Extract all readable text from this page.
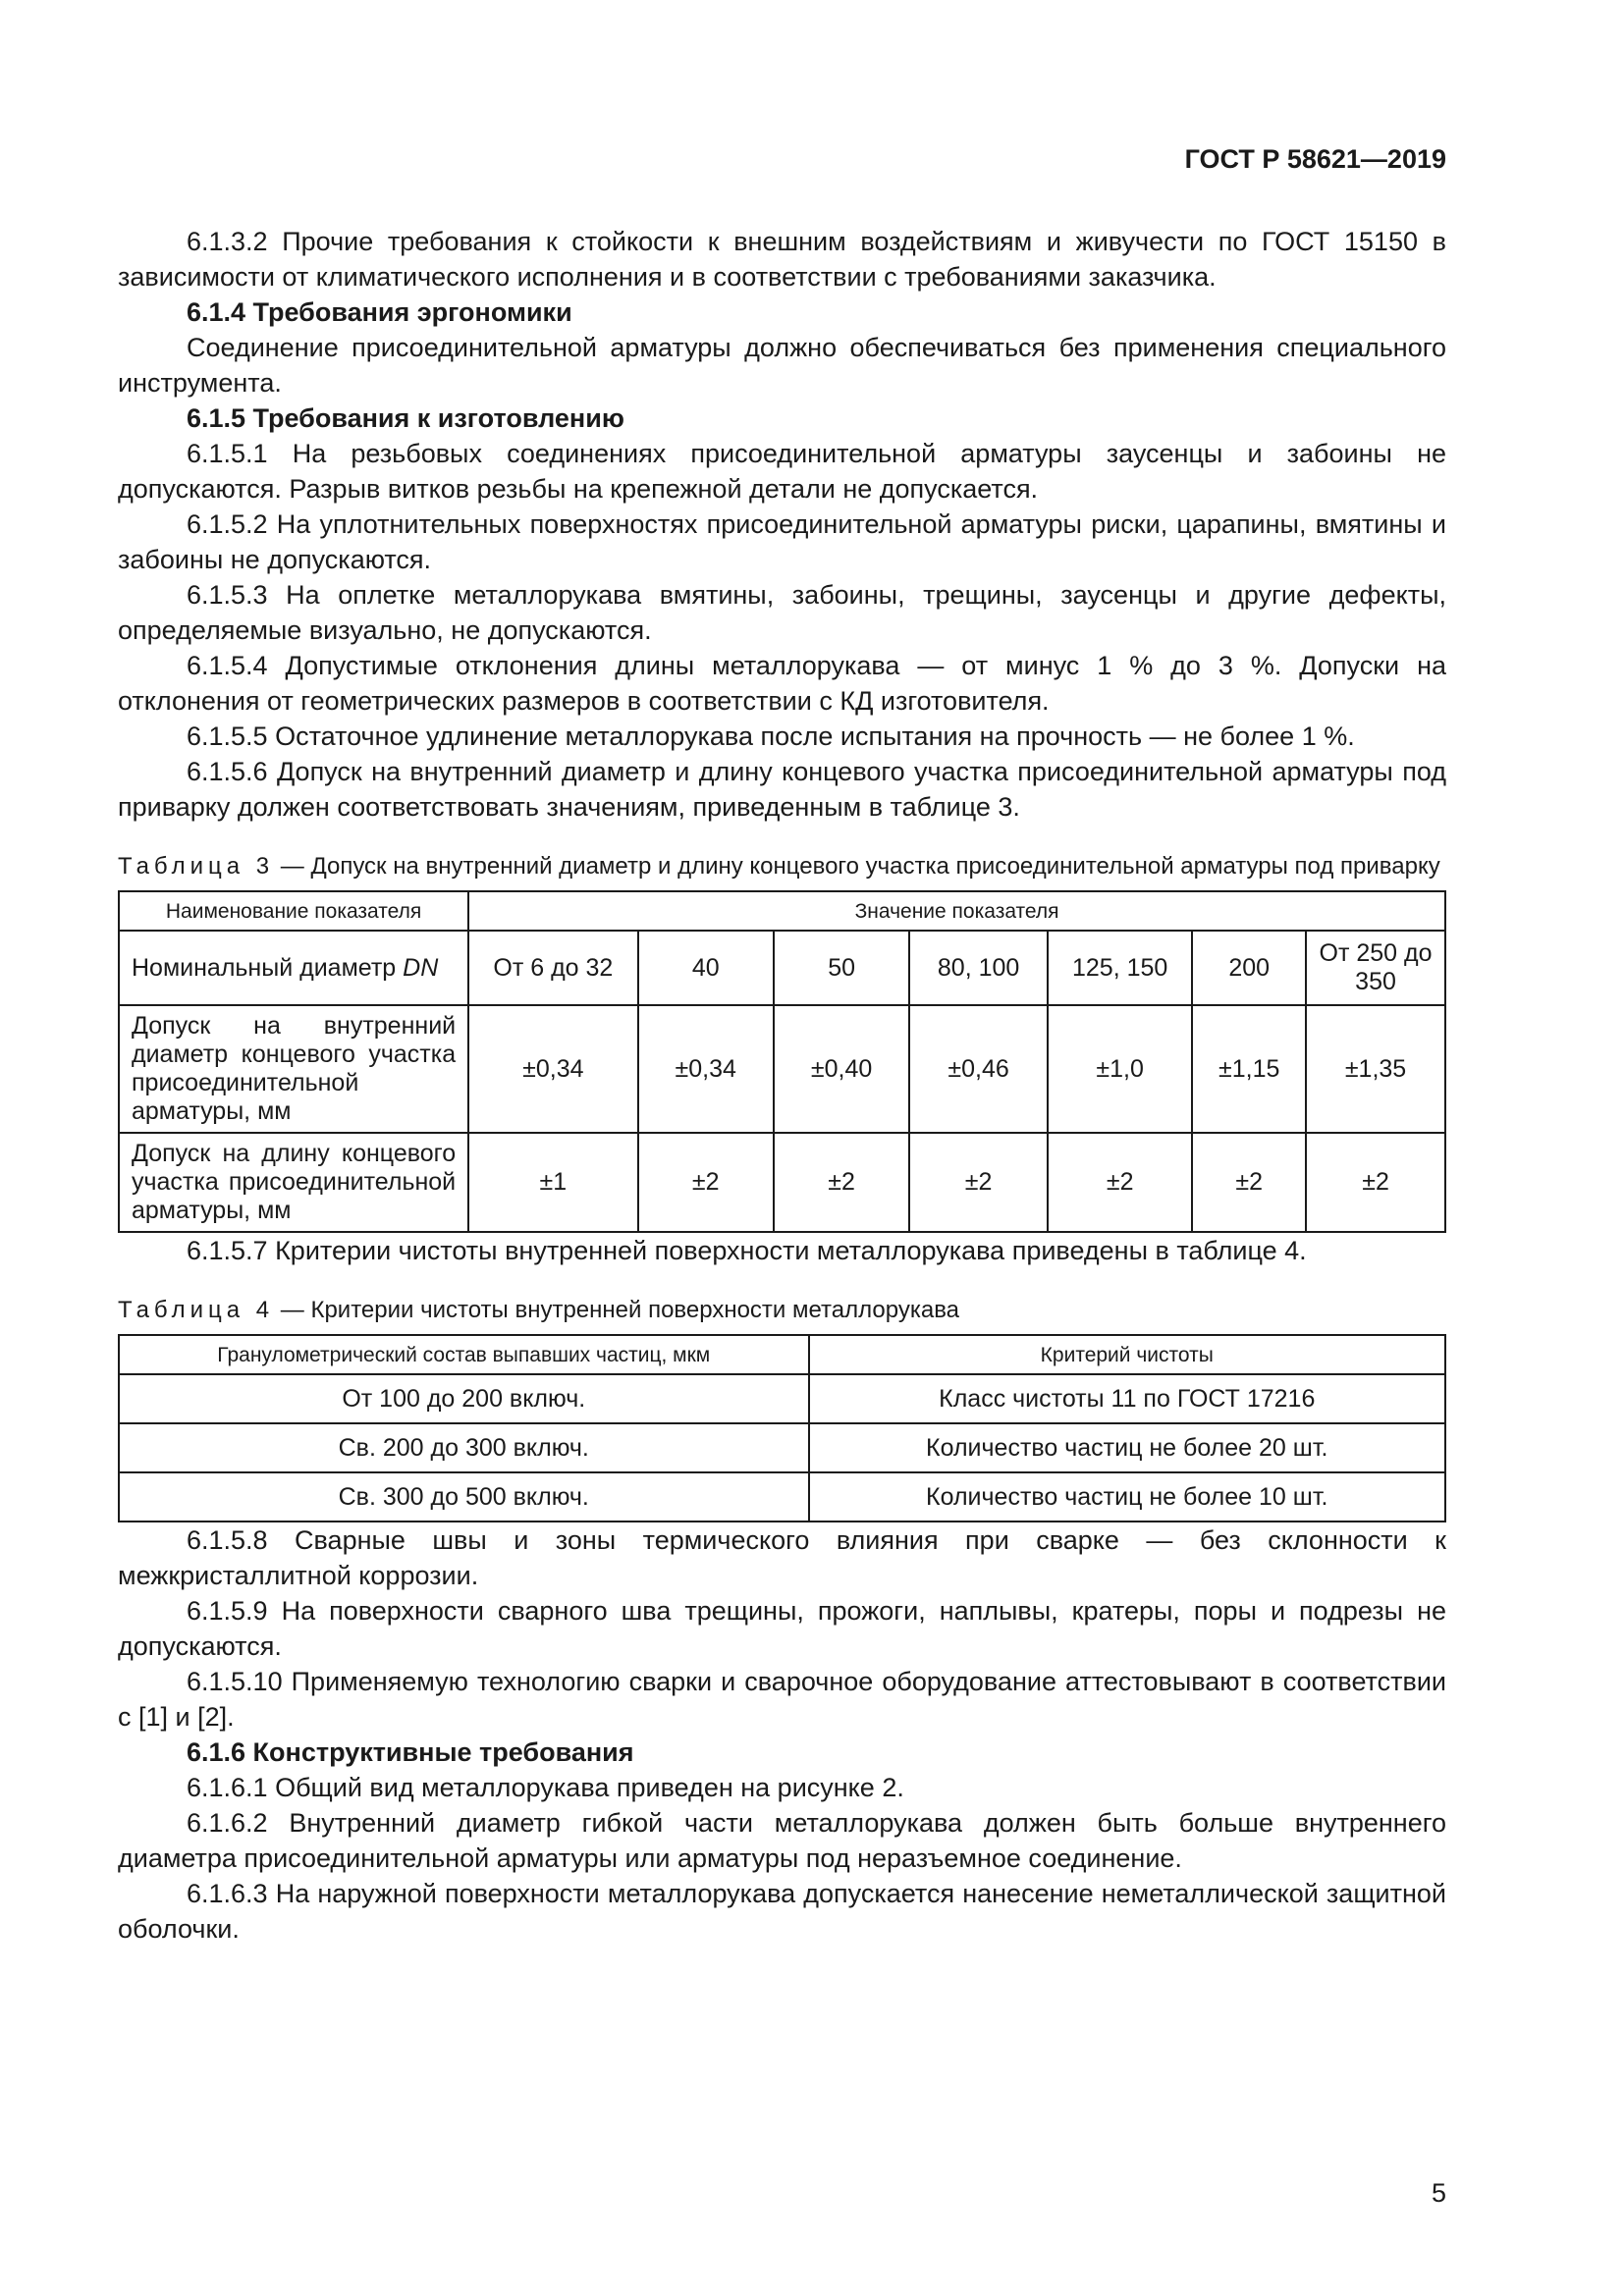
ГОСТ Р 58621—2019

6.1.3.2 Прочие требования к стойкости к внешним воздействиям и живучести по ГОСТ 15150 в зависимости от климатического исполнения и в соответствии с требованиями заказчика.

6.1.4 Требования эргономики

Соединение присоединительной арматуры должно обеспечиваться без применения специального инструмента.

6.1.5 Требования к изготовлению

6.1.5.1 На резьбовых соединениях присоединительной арматуры заусенцы и забоины не допускаются. Разрыв витков резьбы на крепежной детали не допускается.

6.1.5.2 На уплотнительных поверхностях присоединительной арматуры риски, царапины, вмятины и забоины не допускаются.

6.1.5.3 На оплетке металлорукава вмятины, забоины, трещины, заусенцы и другие дефекты, определяемые визуально, не допускаются.

6.1.5.4 Допустимые отклонения длины металлорукава — от минус 1 % до 3 %. Допуски на отклонения от геометрических размеров в соответствии с КД изготовителя.

6.1.5.5 Остаточное удлинение металлорукава после испытания на прочность — не более 1 %.

6.1.5.6 Допуск на внутренний диаметр и длину концевого участка присоединительной арматуры под приварку должен соответствовать значениям, приведенным в таблице 3.

Таблица 3 — Допуск на внутренний диаметр и длину концевого участка присоединительной арматуры под приварку
Наименование показателя	Значение показателя						
Номинальный диаметр DN	От 6 до 32	40	50	80, 100	125, 150	200	От 250 до 350
Допуск на внутренний диаметр концевого участка присоединительной арматуры, мм	±0,34	±0,34	±0,40	±0,46	±1,0	±1,15	±1,35
Допуск на длину концевого участка присоединительной арматуры, мм	±1	±2	±2	±2	±2	±2	±2

6.1.5.7 Критерии чистоты внутренней поверхности металлорукава приведены в таблице 4.

Таблица 4 — Критерии чистоты внутренней поверхности металлорукава
Гранулометрический состав выпавших частиц, мкм	Критерий чистоты
От 100 до 200 включ.	Класс чистоты 11 по ГОСТ 17216
Св. 200 до 300 включ.	Количество частиц не более 20 шт.
Св. 300 до 500 включ.	Количество частиц не более 10 шт.

6.1.5.8 Сварные швы и зоны термического влияния при сварке — без склонности к межкристаллитной коррозии.

6.1.5.9 На поверхности сварного шва трещины, прожоги, наплывы, кратеры, поры и подрезы не допускаются.

6.1.5.10 Применяемую технологию сварки и сварочное оборудование аттестовывают в соответствии с [1] и [2].

6.1.6 Конструктивные требования

6.1.6.1 Общий вид металлорукава приведен на рисунке 2.

6.1.6.2 Внутренний диаметр гибкой части металлорукава должен быть больше внутреннего диаметра присоединительной арматуры или арматуры под неразъемное соединение.

6.1.6.3 На наружной поверхности металлорукава допускается нанесение неметаллической защитной оболочки.

5
